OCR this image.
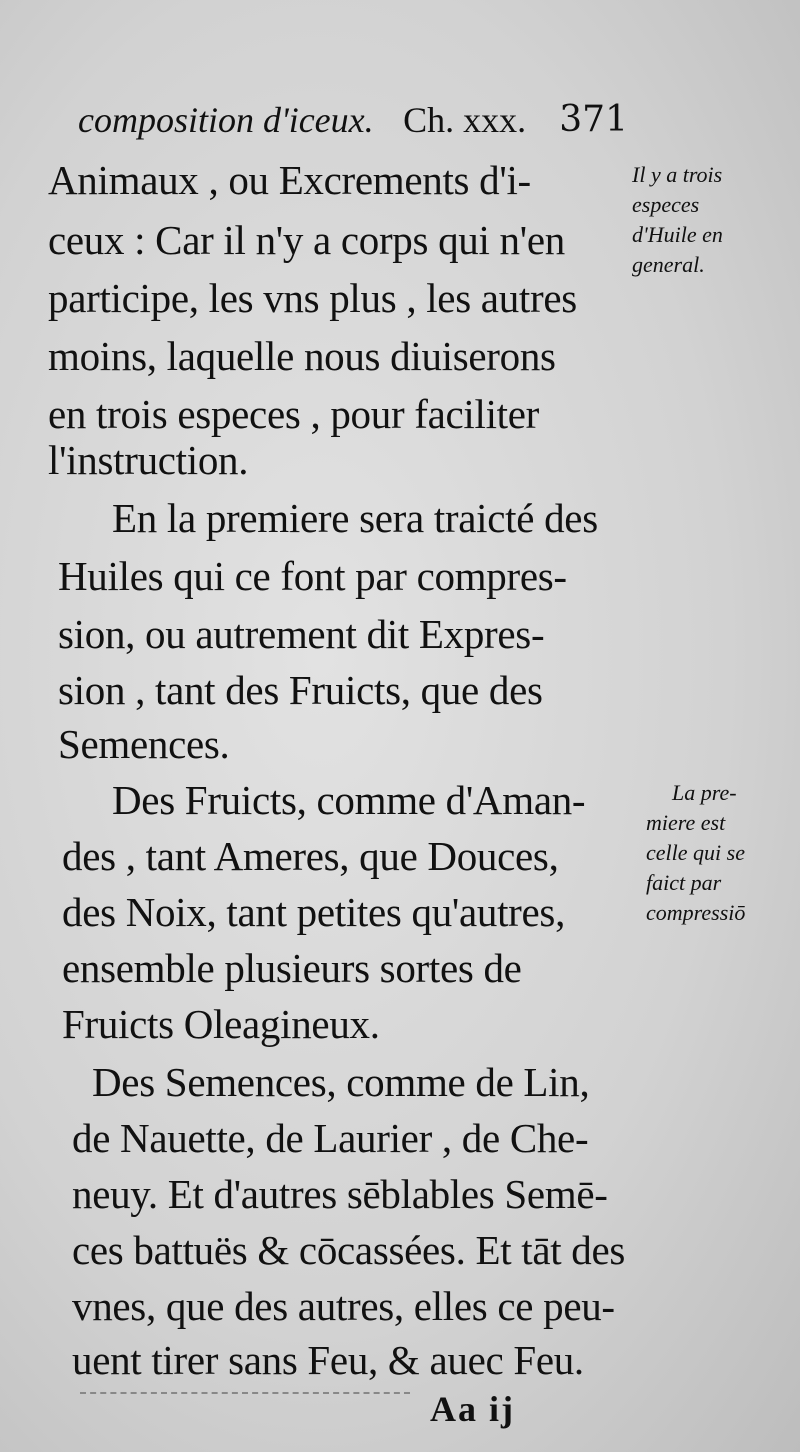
composition d'iceux. Ch. xxx. 371
Animaux , ou Excrements d'i-
ceux : Car il n'y a corps qui n'en
participe, les vns plus , les autres
moins, laquelle nous diuiserons
en trois especes , pour faciliter
l'instruction.
En la premiere sera traicté des
Huiles qui ce font par compres-
sion, ou autrement dit Expres-
sion , tant des Fruicts, que des
Semences.
Des Fruicts, comme d'Aman-
des , tant Ameres, que Douces,
des Noix, tant petites qu'autres,
ensemble plusieurs sortes de
Fruicts Oleagineux.
Des Semences, comme de Lin,
de Nauette, de Laurier , de Che-
neuy. Et d'autres sēblables Semē-
ces battuës & cōcassées. Et tāt des
vnes, que des autres, elles ce peu-
uent tirer sans Feu, & auec Feu.
Il y a trois
especes
d'Huile en
general.
La pre-
miere est
celle qui se
faict par
compressiō
Aa ij
